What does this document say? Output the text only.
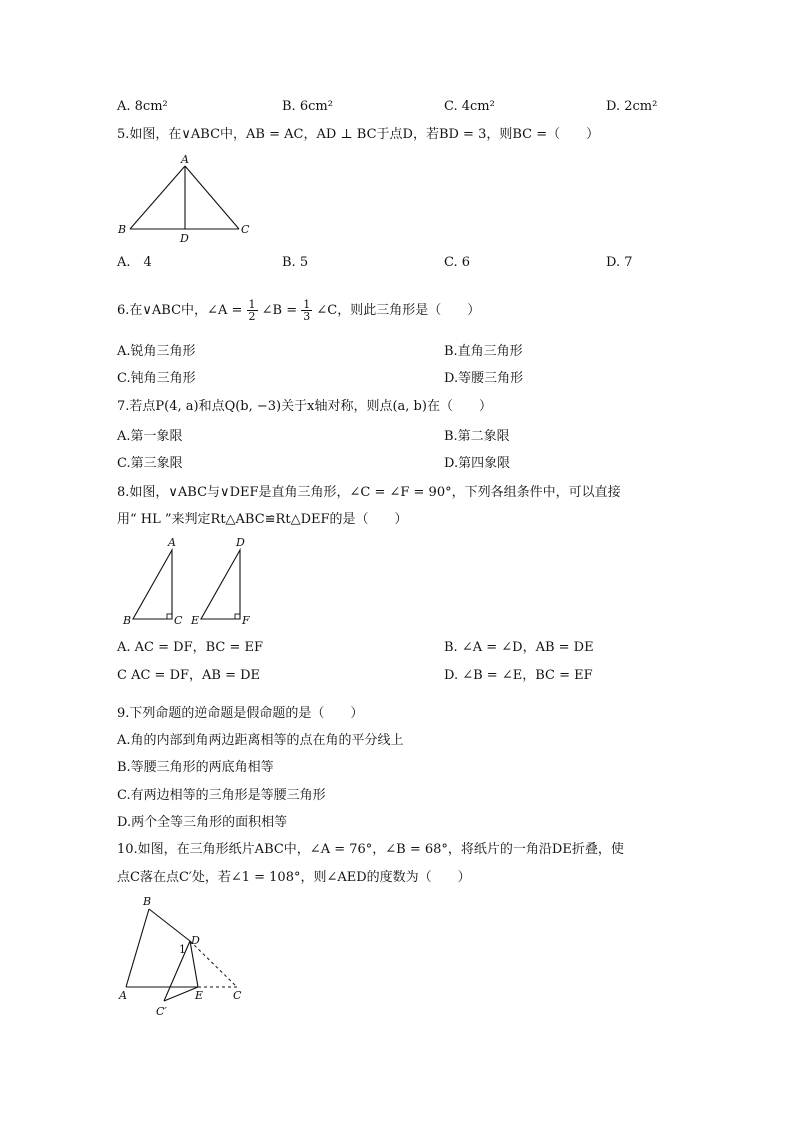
A. 8cm²	B. 6cm²	C. 4cm²	D. 2cm²
5.如图，在∨ABC中，AB = AC，AD ⊥ BC于点D，若BD = 3，则BC =（　　）
A
B	C
D
A.　4	B. 5	C. 6	D. 7
6.在∨ABC中，∠A = $\frac{1}{2}$ ∠B = $\frac{1}{3}$ ∠C，则此三角形是（　　）
A.锐角三角形	B.直角三角形
C.钝角三角形	D.等腰三角形
7.若点P(4, a)和点Q(b, −3)关于x轴对称，则点(a, b)在（　　）
A.第一象限	B.第二象限
C.第三象限	D.第四象限
8.如图，∨ABC与∨DEF是直角三角形，∠C = ∠F = 90°，下列各组条件中，可以直接
用“ HL ”来判定Rt△ABC≌Rt△DEF的是（　　）
A
B	C
D
E	F
A. AC = DF，BC = EF	B. ∠A = ∠D，AB = DE
C AC = DF，AB = DE	D. ∠B = ∠E，BC = EF
9.下列命题的逆命题是假命题的是（　　）
A.角的内部到角两边距离相等的点在角的平分线上
B.等腰三角形的两底角相等
C.有两边相等的三角形是等腰三角形
D.两个全等三角形的面积相等
10.如图，在三角形纸片ABC中，∠A = 76°，∠B = 68°，将纸片的一角沿DE折叠，使
点C落在点C′处，若∠1 = 108°，则∠AED的度数为（　　）
B
D
1
A	E	C
C′
